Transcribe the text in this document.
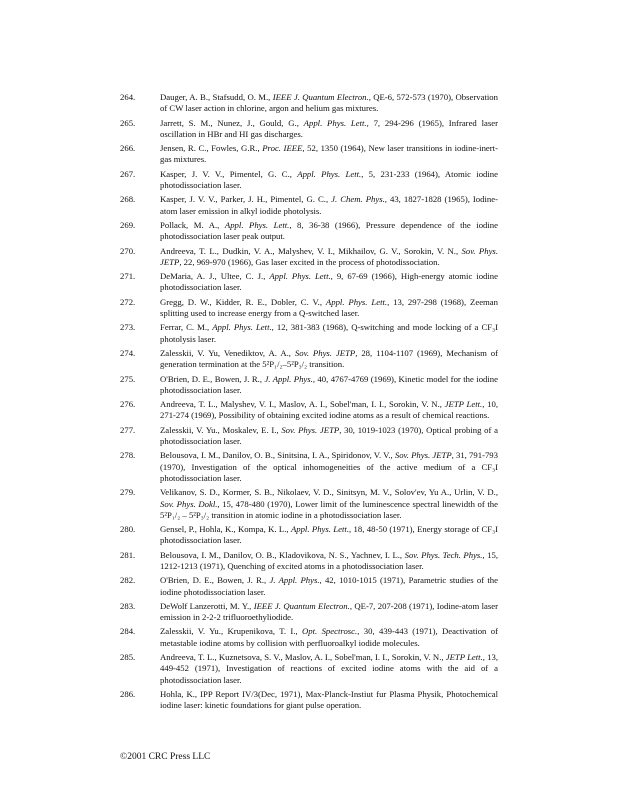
264.	Dauger, A. B., Stafsudd, O. M., IEEE J. Quantum Electron., QE-6, 572-573 (1970), Observation of CW laser action in chlorine, argon and helium gas mixtures.
265.	Jarrett, S. M., Nunez, J., Gould, G., Appl. Phys. Lett., 7, 294-296 (1965), Infrared laser oscillation in HBr and HI gas discharges.
266.	Jensen, R. C., Fowles, G.R., Proc. IEEE, 52, 1350 (1964), New laser transitions in iodine-inert-gas mixtures.
267.	Kasper, J. V. V., Pimentel, G. C., Appl. Phys. Lett., 5, 231-233 (1964), Atomic iodine photodissociation laser.
268.	Kasper, J. V. V., Parker, J. H., Pimentel, G. C., J. Chem. Phys., 43, 1827-1828 (1965), Iodine-atom laser emission in alkyl iodide photolysis.
269.	Pollack, M. A., Appl. Phys. Lett., 8, 36-38 (1966), Pressure dependence of the iodine photodissociation laser peak output.
270.	Andreeva, T. L., Dudkin, V. A., Malyshev, V. I., Mikhailov, G. V., Sorokin, V. N., Sov. Phys. JETP, 22, 969-970 (1966), Gas laser excited in the process of photodissociation.
271.	DeMaria, A. J., Ultee, C. J., Appl. Phys. Lett., 9, 67-69 (1966), High-energy atomic iodine photodissociation laser.
272.	Gregg, D. W., Kidder, R. E., Dobler, C. V., Appl. Phys. Lett., 13, 297-298 (1968), Zeeman splitting used to increase energy from a Q-switched laser.
273.	Ferrar, C. M., Appl. Phys. Lett., 12, 381-383 (1968), Q-switching and mode locking of a CF₃I photolysis laser.
274.	Zalesskii, V. Yu, Venediktov, A. A., Sov. Phys. JETP, 28, 1104-1107 (1969), Mechanism of generation termination at the 5²P₁/₂–5²P₃/₂ transition.
275.	O'Brien, D. E., Bowen, J. R., J. Appl. Phys., 40, 4767-4769 (1969), Kinetic model for the iodine photodissociation laser.
276.	Andreeva, T. L., Malyshev, V. I., Maslov, A. I., Sobel'man, I. I., Sorokin, V. N., JETP Lett., 10, 271-274 (1969), Possibility of obtaining excited iodine atoms as a result of chemical reactions.
277.	Zalesskii, V. Yu., Moskalev, E. I., Sov. Phys. JETP, 30, 1019-1023 (1970), Optical probing of a photodissociation laser.
278.	Belousova, I. M., Danilov, O. B., Sinitsina, I. A., Spiridonov, V. V., Sov. Phys. JETP, 31, 791-793 (1970), Investigation of the optical inhomogeneities of the active medium of a CF₃I photodissociation laser.
279.	Velikanov, S. D., Kormer, S. B., Nikolaev, V. D., Sinitsyn, M. V., Solov'ev, Yu A., Urlin, V. D., Sov. Phys. Dokl., 15, 478-480 (1970), Lower limit of the luminescence spectral linewidth of the 5²P₁/₂ – 5²P₃/₂ transition in atomic iodine in a photodissociation laser.
280.	Gensel, P., Hohla, K., Kompa, K. L., Appl. Phys. Lett., 18, 48-50 (1971), Energy storage of CF₃I photodissociation laser.
281.	Belousova, I. M., Danilov, O. B., Kladovikova, N. S., Yachnev, I. L., Sov. Phys. Tech. Phys., 15, 1212-1213 (1971), Quenching of excited atoms in a photodissociation laser.
282.	O'Brien, D. E., Bowen, J. R., J. Appl. Phys., 42, 1010-1015 (1971), Parametric studies of the iodine photodissociation laser.
283.	DeWolf Lanzerotti, M. Y., IEEE J. Quantum Electron., QE-7, 207-208 (1971), Iodine-atom laser emission in 2-2-2 trifluoroethyliodide.
284.	Zalesskii, V. Yu., Krupenikova, T. I., Opt. Spectrosc., 30, 439-443 (1971), Deactivation of metastable iodine atoms by collision with perfluoroalkyl iodide molecules.
285.	Andreeva, T. L., Kuznetsova, S. V., Maslov, A. I., Sobel'man, I. I., Sorokin, V. N., JETP Lett., 13, 449-452 (1971), Investigation of reactions of excited iodine atoms with the aid of a photodissociation laser.
286.	Hohla, K., IPP Report IV/3(Dec, 1971), Max-Planck-Instiut fur Plasma Physik, Photochemical iodine laser: kinetic foundations for giant pulse operation.
©2001 CRC Press LLC
